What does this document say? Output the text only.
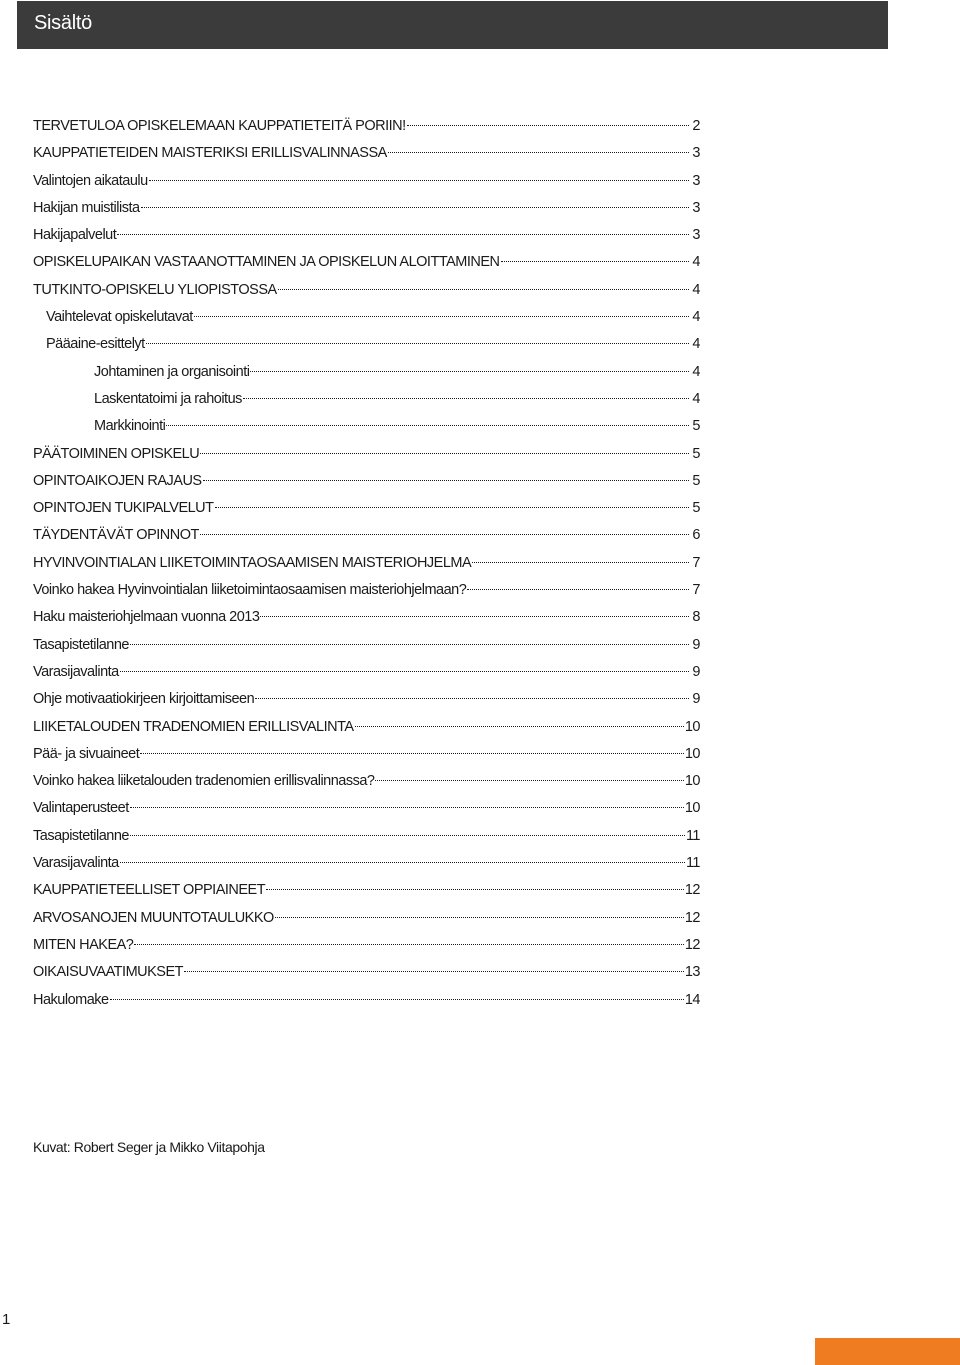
Sisältö
TERVETULOA OPISKELEMAAN KAUPPATIETEITÄ PORIIN!	2
KAUPPATIETEIDEN MAISTERIKSI ERILLISVALINNASSA	3
Valintojen aikataulu	3
Hakijan muistilista	3
Hakijapalvelut	3
OPISKELUPAIKAN VASTAANOTTAMINEN JA OPISKELUN ALOITTAMINEN	4
TUTKINTO-OPISKELU YLIOPISTOSSA	4
Vaihtelevat opiskelutavat	4
Pääaine-esittelyt	4
Johtaminen ja organisointi	4
Laskentatoimi ja rahoitus	4
Markkinointi	5
PÄÄTOIMINEN OPISKELU	5
OPINTOAIKOJEN RAJAUS	5
OPINTOJEN TUKIPALVELUT	5
TÄYDENTÄVÄT OPINNOT	6
HYVINVOINTIALAN LIIKETOIMINTAOSAAMISEN MAISTERIOHJELMA	7
Voinko hakea Hyvinvointialan liiketoimintaosaamisen maisteriohjelmaan?	7
Haku maisteriohjelmaan vuonna 2013	8
Tasapistetilanne	9
Varasijavalinta	9
Ohje motivaatiokirjeen kirjoittamiseen	9
LIIKETALOUDEN TRADENOMIEN ERILLISVALINTA	10
Pää- ja sivuaineet	10
Voinko hakea liiketalouden tradenomien erillisvalinnassa?	10
Valintaperusteet	10
Tasapistetilanne	11
Varasijavalinta	11
KAUPPATIETEELLISET OPPIAINEET	12
ARVOSANOJEN MUUNTOTAULUKKO	12
MITEN HAKEA?	12
OIKAISUVAATIMUKSET	13
Hakulomake	14
Kuvat: Robert Seger ja Mikko Viitapohja
1
